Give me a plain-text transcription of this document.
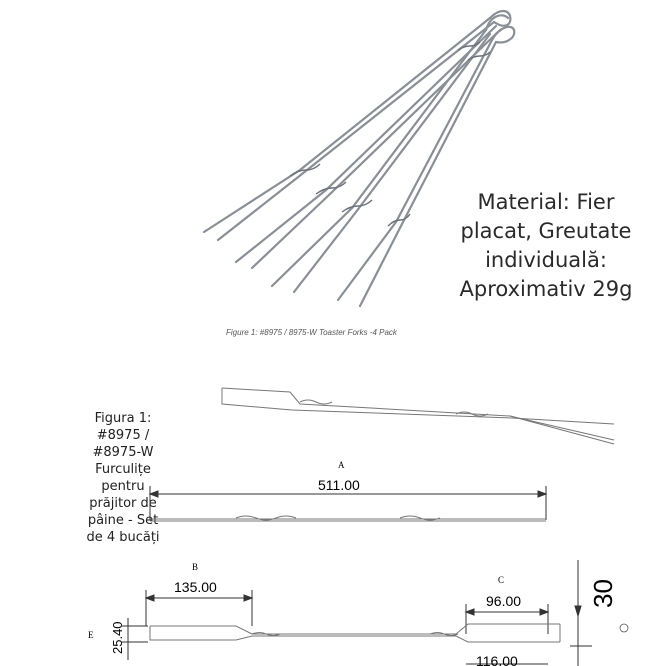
Material: Fier placat, Greutate individuală: Aproximativ 29g
Figure 1: #8975 / 8975-W Toaster Forks -4 Pack
Figura 1: #8975 / #8975-W Furculițe pentru prăjitor de pâine - Set de 4 bucăți
A
511.00
B
135.00	C
96.00
E 25.40
30
116.00
